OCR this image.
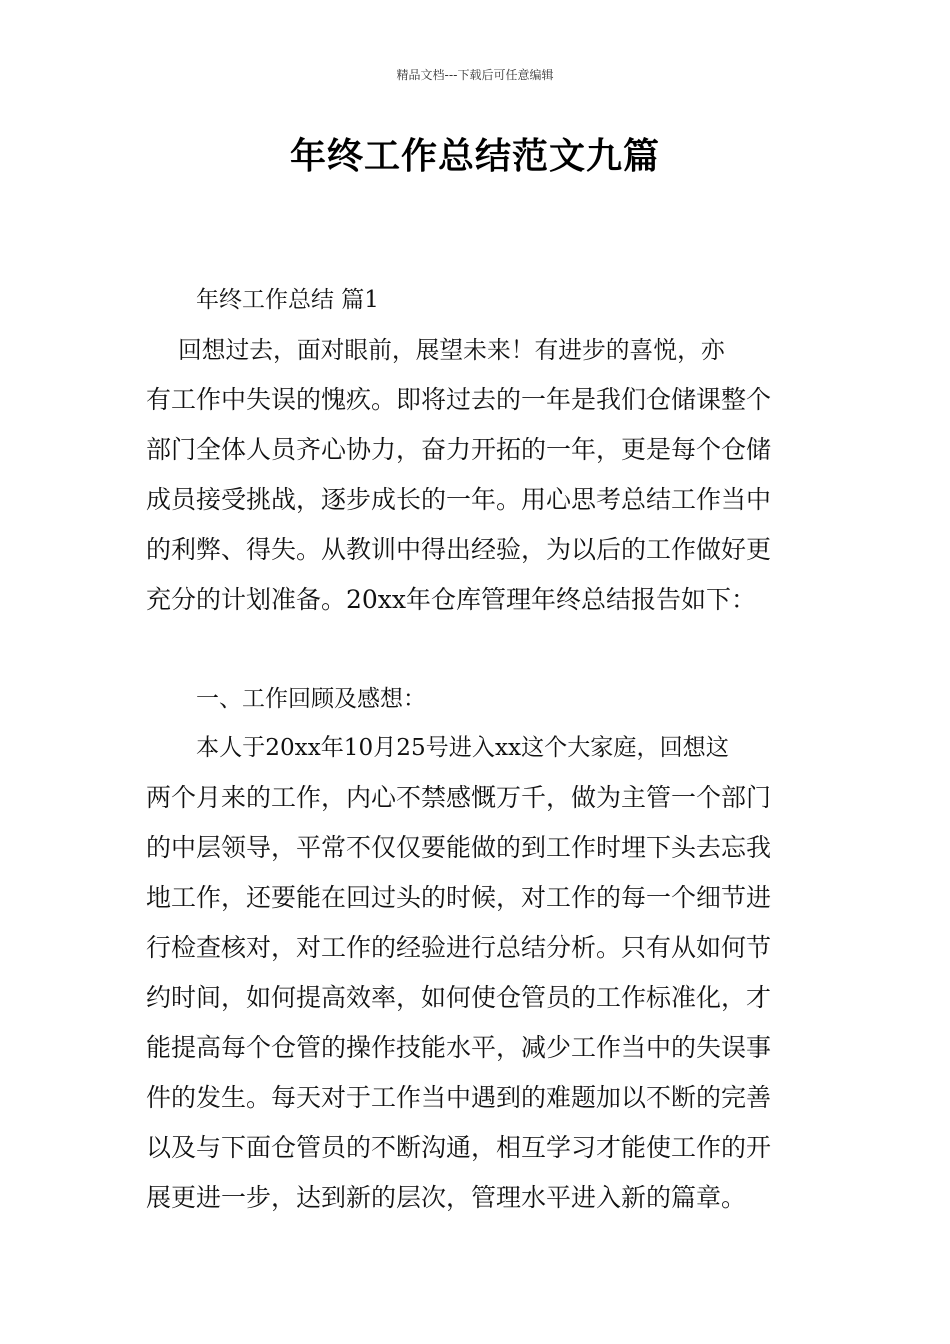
精品文档---下载后可任意编辑
年终工作总结范文九篇
年终工作总结 篇1
回想过去，面对眼前，展望未来！有进步的喜悦，亦
有工作中失误的愧疚。即将过去的一年是我们仓储课整个
部门全体人员齐心协力，奋力开拓的一年，更是每个仓储
成员接受挑战，逐步成长的一年。用心思考总结工作当中
的利弊、得失。从教训中得出经验，为以后的工作做好更
充分的计划准备。20xx年仓库管理年终总结报告如下：
一、工作回顾及感想：
本人于20xx年10月25号进入xx这个大家庭，回想这
两个月来的工作，内心不禁感慨万千，做为主管一个部门
的中层领导，平常不仅仅要能做的到工作时埋下头去忘我
地工作，还要能在回过头的时候，对工作的每一个细节进
行检查核对，对工作的经验进行总结分析。只有从如何节
约时间，如何提高效率，如何使仓管员的工作标准化，才
能提高每个仓管的操作技能水平，减少工作当中的失误事
件的发生。每天对于工作当中遇到的难题加以不断的完善
以及与下面仓管员的不断沟通，相互学习才能使工作的开
展更进一步，达到新的层次，管理水平进入新的篇章。
